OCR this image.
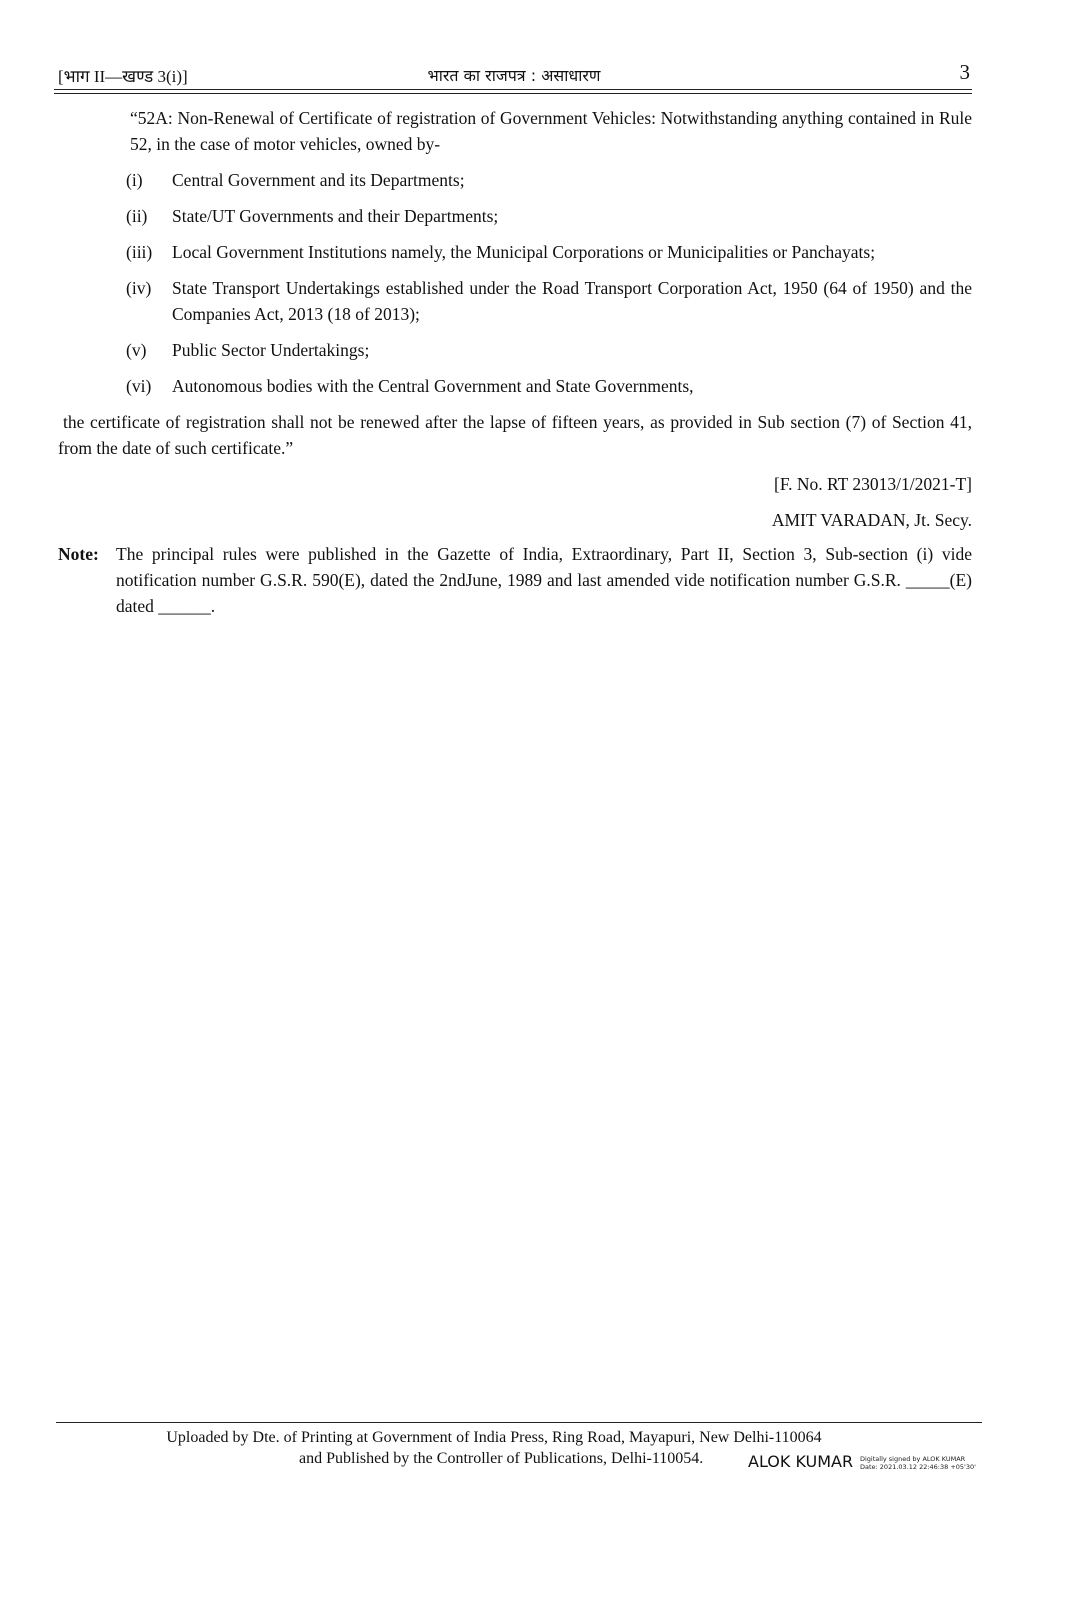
[भाग II—खण्ड 3(i)]	भारत का राजपत्र : असाधारण	3
“52A: Non-Renewal of Certificate of registration of Government Vehicles: Notwithstanding anything contained in Rule 52, in the case of motor vehicles, owned by-
(i)	Central Government and its Departments;
(ii)	State/UT Governments and their Departments;
(iii)	Local Government Institutions namely, the Municipal Corporations or Municipalities or Panchayats;
(iv)	State Transport Undertakings established under the Road Transport Corporation Act, 1950 (64 of 1950) and the Companies Act, 2013 (18 of 2013);
(v)	Public Sector Undertakings;
(vi)	Autonomous bodies with the Central Government and State Governments,
the certificate of registration shall not be renewed after the lapse of fifteen years, as provided in Sub section (7) of Section 41, from the date of such certificate.”
[F. No. RT 23013/1/2021-T]
AMIT VARADAN, Jt. Secy.
Note: The principal rules were published in the Gazette of India, Extraordinary, Part II, Section 3, Sub-section (i) vide notification number G.S.R. 590(E), dated the 2ndJune, 1989 and last amended vide notification number G.S.R. _____(E) dated ______.
Uploaded by Dte. of Printing at Government of India Press, Ring Road, Mayapuri, New Delhi-110064
and Published by the Controller of Publications, Delhi-110054.	ALOK KUMAR Digitally signed by ALOK KUMAR
Date: 2021.03.12 22:46:38 +05'30'
